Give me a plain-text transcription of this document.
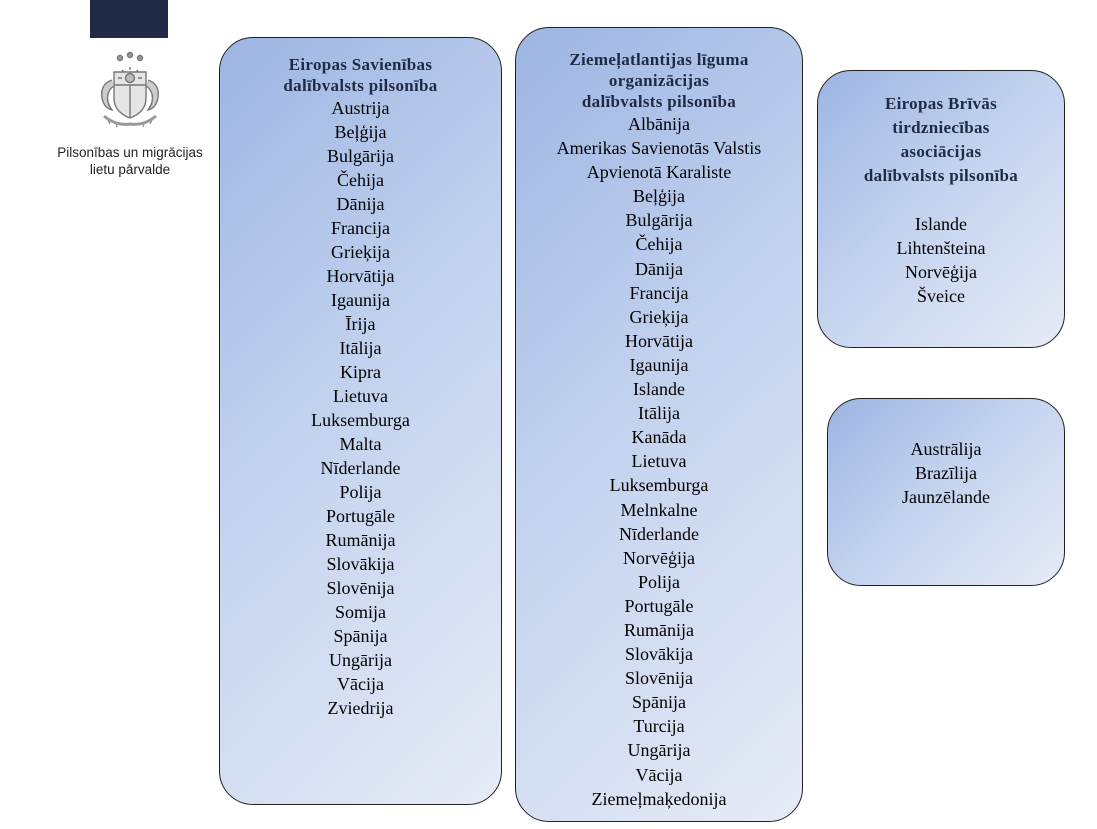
Pilsonības un migrācijas
lietu pārvalde
Eiropas Savienības
dalībvalsts pilsonība
Austrija
Beļģija
Bulgārija
Čehija
Dānija
Francija
Grieķija
Horvātija
Igaunija
Īrija
Itālija
Kipra
Lietuva
Luksemburga
Malta
Nīderlande
Polija
Portugāle
Rumānija
Slovākija
Slovēnija
Somija
Spānija
Ungārija
Vācija
Zviedrija
Ziemeļatlantijas līguma
organizācijas
dalībvalsts pilsonība
Albānija
Amerikas Savienotās Valstis
Apvienotā Karaliste
Beļģija
Bulgārija
Čehija
Dānija
Francija
Grieķija
Horvātija
Igaunija
Islande
Itālija
Kanāda
Lietuva
Luksemburga
Melnkalne
Nīderlande
Norvēģija
Polija
Portugāle
Rumānija
Slovākija
Slovēnija
Spānija
Turcija
Ungārija
Vācija
Ziemeļmaķedonija
Eiropas Brīvās
tirdzniecības
asociācijas
dalībvalsts pilsonība
Islande
Lihtenšteina
Norvēģija
Šveice
Austrālija
Brazīlija
Jaunzēlande
